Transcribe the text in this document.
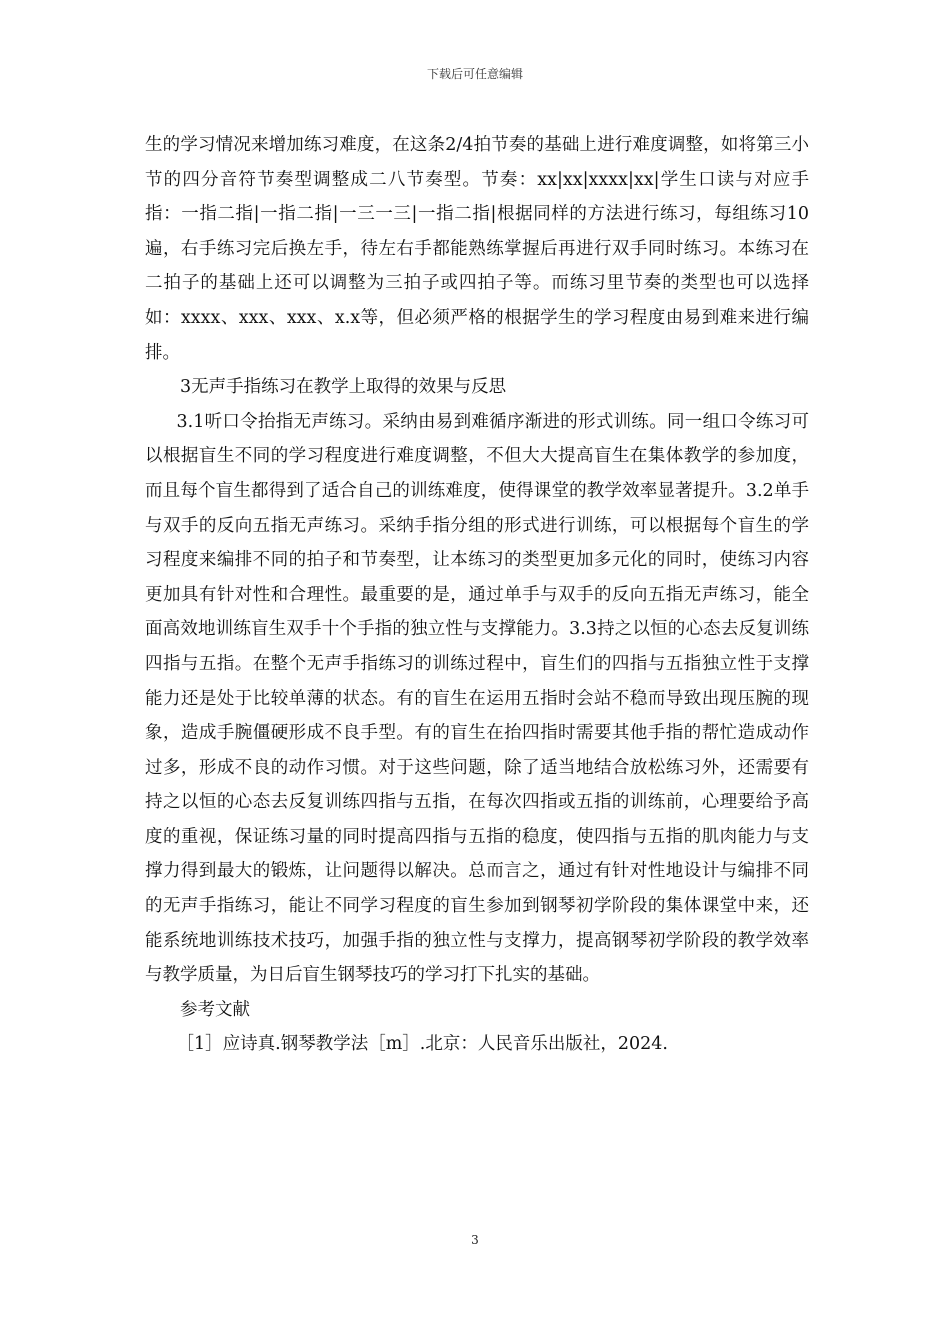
下载后可任意编辑

生的学习情况来增加练习难度，在这条2/4拍节奏的基础上进行难度调整，如将第三小节的四分音符节奏型调整成二八节奏型。节奏：xx|xx|xxxx|xx|学生口读与对应手指：一指二指|一指二指|一三一三|一指二指|根据同样的方法进行练习，每组练习10遍，右手练习完后换左手，待左右手都能熟练掌握后再进行双手同时练习。本练习在二拍子的基础上还可以调整为三拍子或四拍子等。而练习里节奏的类型也可以选择如：xxxx、xxx、xxx、x.x等，但必须严格的根据学生的学习程度由易到难来进行编排。

3无声手指练习在教学上取得的效果与反思

3.1听口令抬指无声练习。采纳由易到难循序渐进的形式训练。同一组口令练习可以根据盲生不同的学习程度进行难度调整，不但大大提高盲生在集体教学的参加度，而且每个盲生都得到了适合自己的训练难度，使得课堂的教学效率显著提升。3.2单手与双手的反向五指无声练习。采纳手指分组的形式进行训练，可以根据每个盲生的学习程度来编排不同的拍子和节奏型，让本练习的类型更加多元化的同时，使练习内容更加具有针对性和合理性。最重要的是，通过单手与双手的反向五指无声练习，能全面高效地训练盲生双手十个手指的独立性与支撑能力。3.3持之以恒的心态去反复训练四指与五指。在整个无声手指练习的训练过程中，盲生们的四指与五指独立性于支撑能力还是处于比较单薄的状态。有的盲生在运用五指时会站不稳而导致出现压腕的现象，造成手腕僵硬形成不良手型。有的盲生在抬四指时需要其他手指的帮忙造成动作过多，形成不良的动作习惯。对于这些问题，除了适当地结合放松练习外，还需要有持之以恒的心态去反复训练四指与五指，在每次四指或五指的训练前，心理要给予高度的重视，保证练习量的同时提高四指与五指的稳度，使四指与五指的肌肉能力与支撑力得到最大的锻炼，让问题得以解决。总而言之，通过有针对性地设计与编排不同的无声手指练习，能让不同学习程度的盲生参加到钢琴初学阶段的集体课堂中来，还能系统地训练技术技巧，加强手指的独立性与支撑力，提高钢琴初学阶段的教学效率与教学质量，为日后盲生钢琴技巧的学习打下扎实的基础。

参考文献

［1］应诗真.钢琴教学法［m］.北京：人民音乐出版社，2024.

3
